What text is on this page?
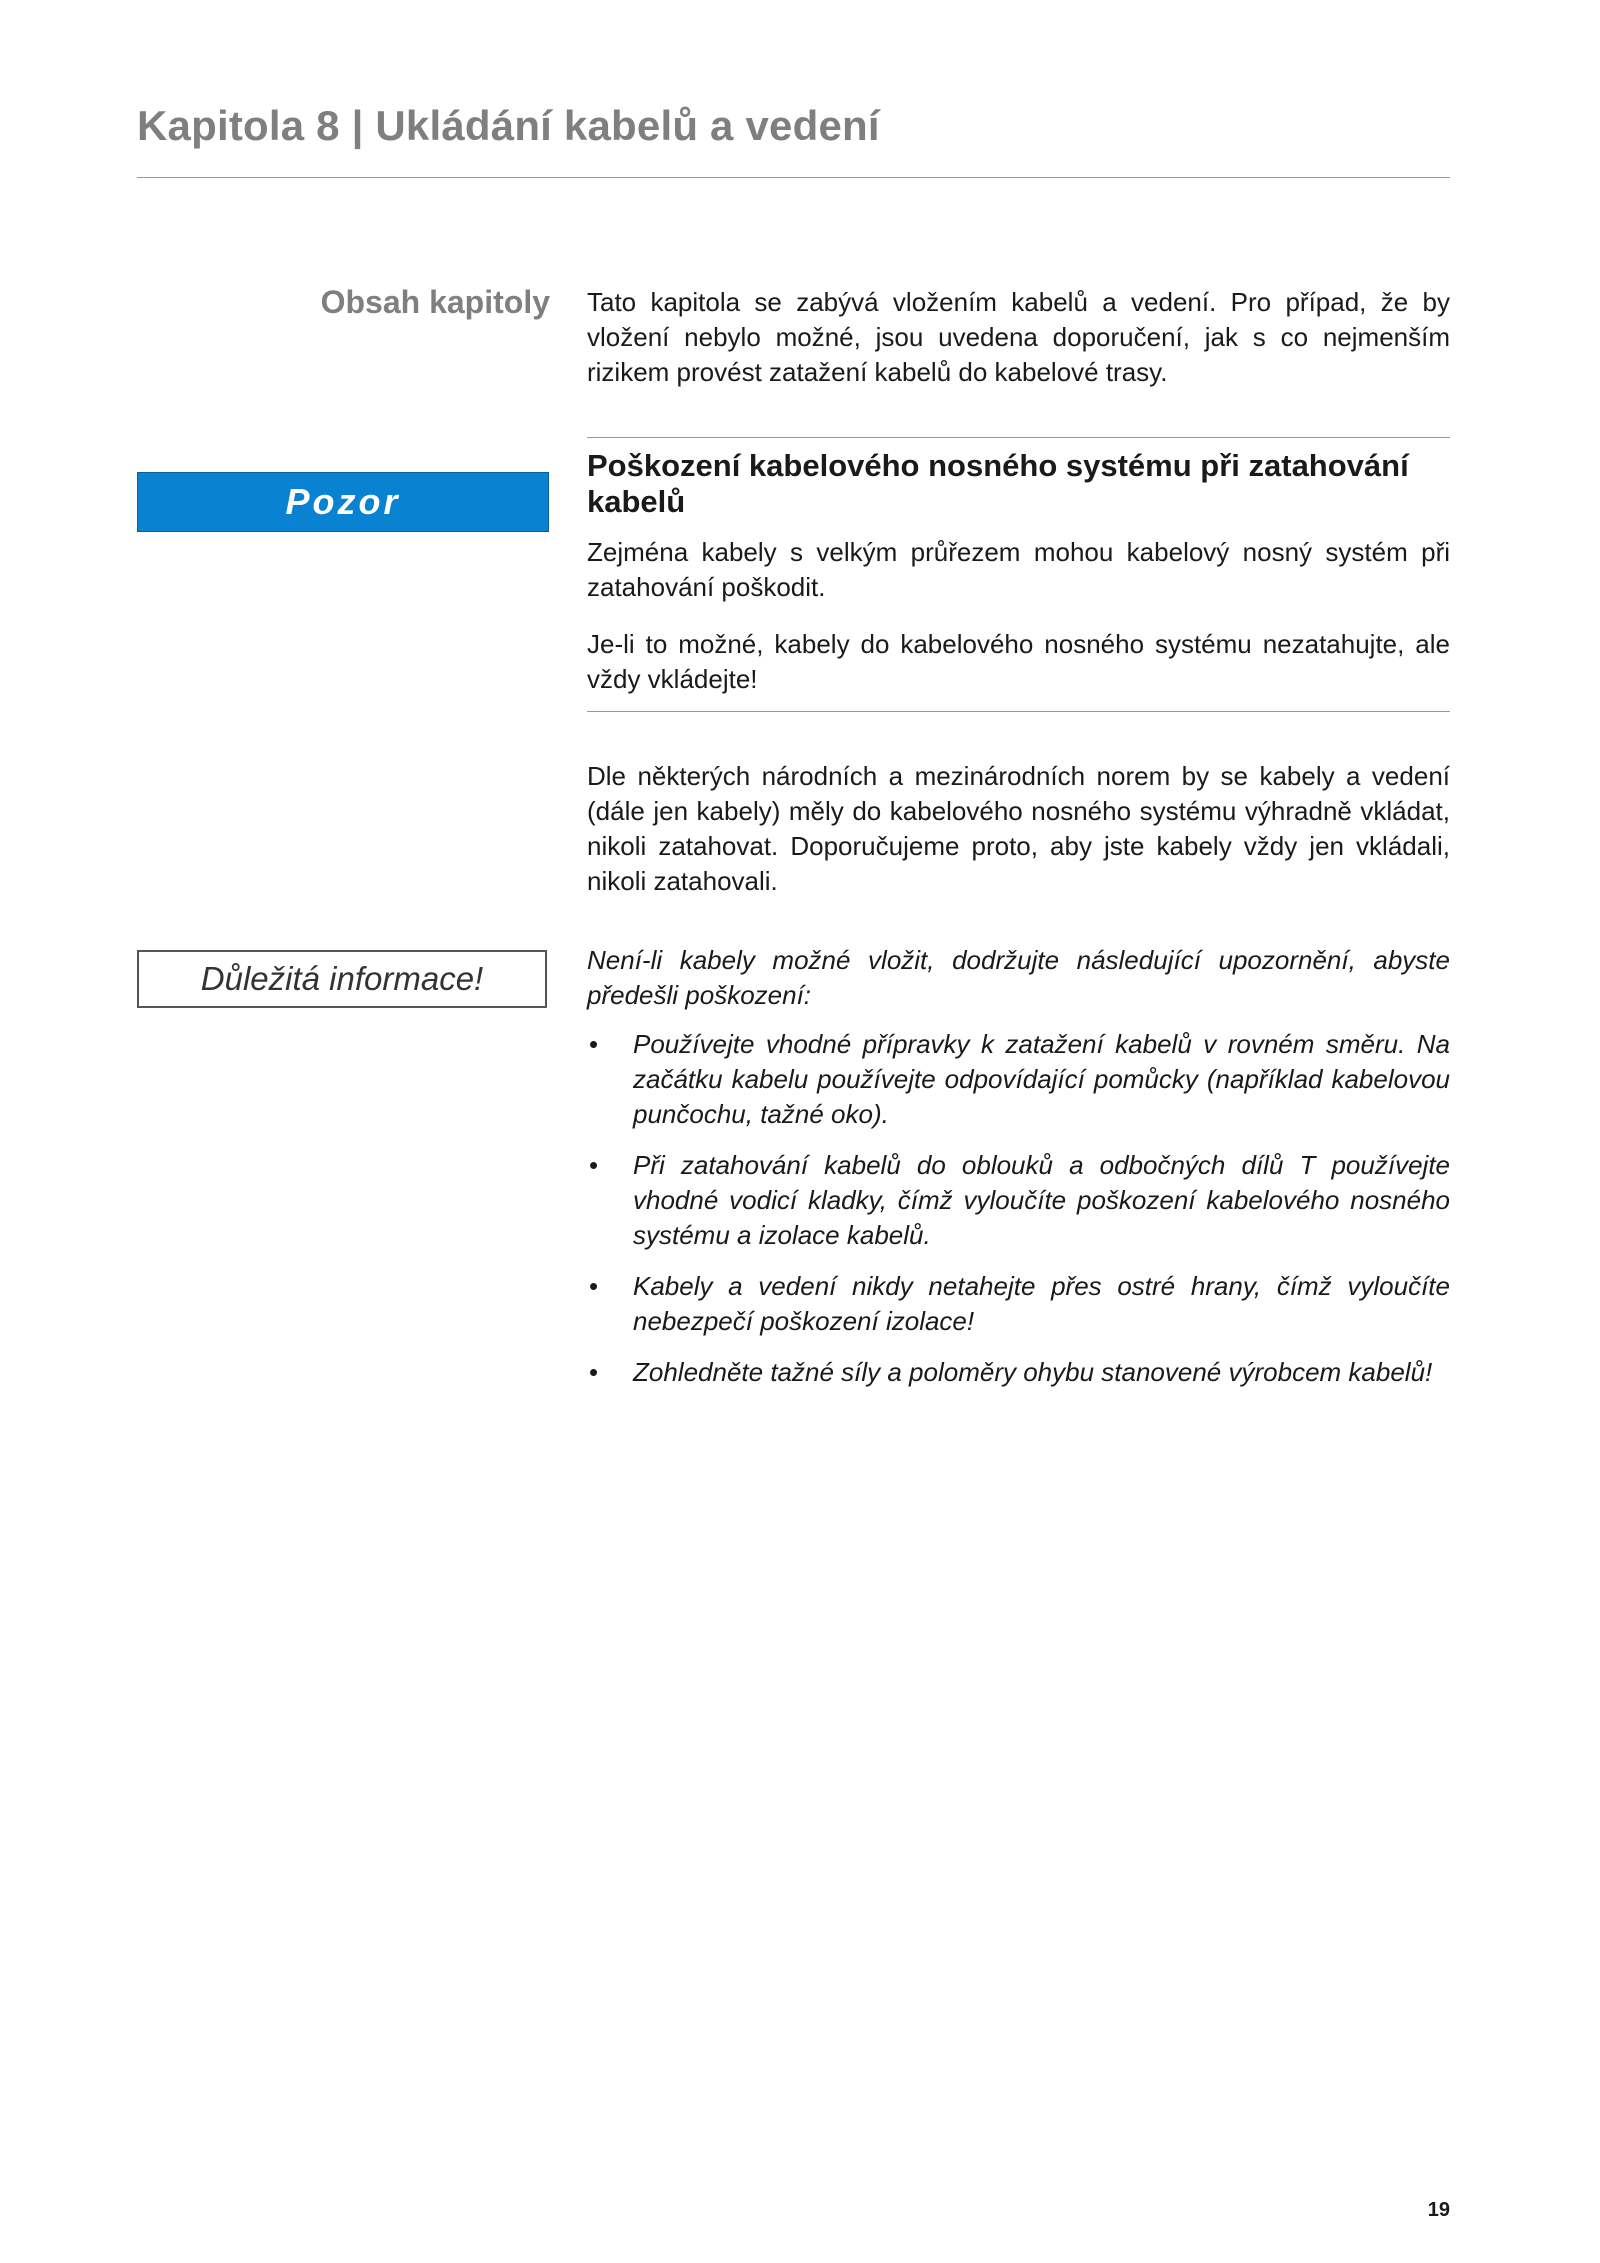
Kapitola 8 | Ukládání kabelů a vedení
Obsah kapitoly Tato kapitola se zabývá vložením kabelů a vedení. Pro případ, že by vložení nebylo možné, jsou uvedena doporučení, jak s co nejmenším rizikem provést zatažení kabelů do kabelové trasy.

Pozor
Poškození kabelového nosného systému při zatahování kabelů

Zejména kabely s velkým průřezem mohou kabelový nosný systém při zatahování poškodit.

Je-li to možné, kabely do kabelového nosného systému nezatahujte, ale vždy vkládejte!

Dle některých národních a mezinárodních norem by se kabely a vedení (dále jen kabely) měly do kabelového nosného systému výhradně vkládat, nikoli zatahovat. Doporučujeme proto, aby jste kabely vždy jen vkládali, nikoli zatahovali.

Důležitá informace!	Není-li kabely možné vložit, dodržujte následující upozornění, abyste předešli poškození:

• Používejte vhodné přípravky k zatažení kabelů v rovném směru. Na začátku kabelu používejte odpovídající pomůcky (například kabelovou punčochu, tažné oko).
• Při zatahování kabelů do oblouků a odbočných dílů T používejte vhodné vodicí kladky, čímž vyloučíte poškození kabelového nosného systému a izolace kabelů.
• Kabely a vedení nikdy netahejte přes ostré hrany, čímž vyloučíte nebezpečí poškození izolace!
• Zohledněte tažné síly a poloměry ohybu stanovené výrobcem kabelů!
19
